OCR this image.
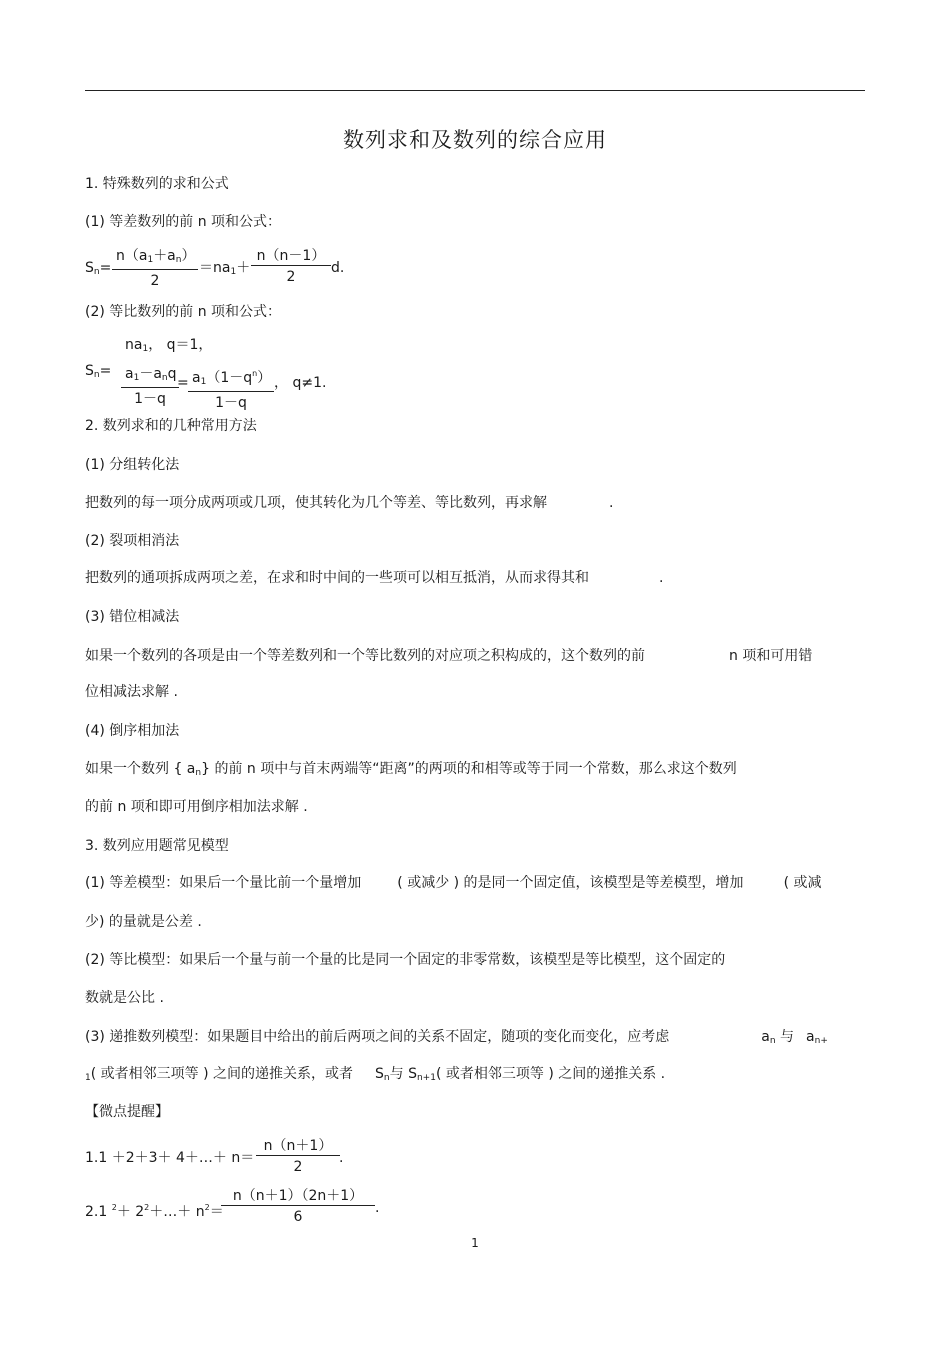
数列求和及数列的综合应用
1. 特殊数列的求和公式
(1) 等差数列的前 n 项和公式：
$S_n= \frac{n(a_1+a_n)}{2} =na_1+ \frac{n(n-1)}{2} d$.
(2) 等比数列的前 n 项和公式：
$na_1$， q＝1，
$S_n= a_1-a_nq$
1－q
= $\frac{a_1(1-q^n)}{1-q}$ ， q≠1.
2. 数列求和的几种常用方法
(1) 分组转化法
把数列的每一项分成两项或几项，使其转化为几个等差、等比数列，再求解	.
(2) 裂项相消法
把数列的通项拆成两项之差，在求和时中间的一些项可以相互抵消，从而求得其和	.
(3) 错位相减法
如果一个数列的各项是由一个等差数列和一个等比数列的对应项之积构成的，这个数列的前	n 项和可用错
位相减法求解 .
(4) 倒序相加法
如果一个数列 { $a_n$} 的前 n 项中与首末两端等“距离”的两项的和相等或等于同一个常数，那么求这个数列
的前 n 项和即可用倒序相加法求解 .
3. 数列应用题常见模型
(1) 等差模型：如果后一个量比前一个量增加	( 或减少 ) 的是同一个固定值，该模型是等差模型，增加	( 或减
少) 的量就是公差 .
(2) 等比模型：如果后一个量与前一个量的比是同一个固定的非零常数，该模型是等比模型，这个固定的
数就是公比 .
(3) 递推数列模型：如果题目中给出的前后两项之间的关系不固定，随项的变化而变化，应考虑	$a_n$ 与 $a_{n+}$
$_1$( 或者相邻三项等 ) 之间的递推关系，或者 $S_n$与 $S_{n+1}$( 或者相邻三项等 ) 之间的递推关系 .
【微点提醒】
1.1 ＋2＋3＋ 4＋…＋ $n= \frac{n(n+1)}{2}$ .
2.1 $^2+ 2^2+\dots+ n^2=$
$\frac{n(n+1)(2n+1)}{6}$ .
1
